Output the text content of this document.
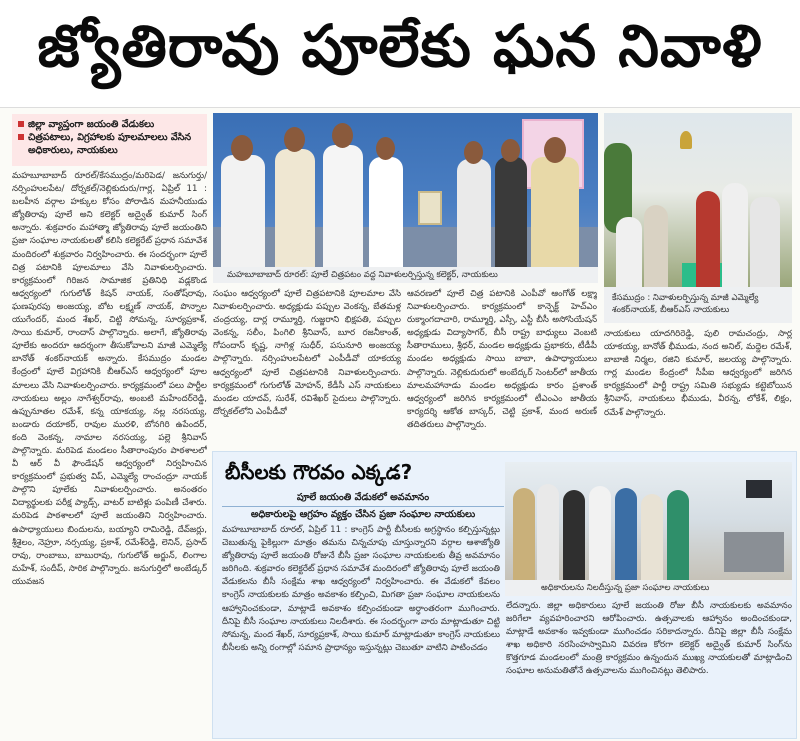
జ్యోతిరావు పూలేకు ఘన నివాళి
జిల్లా వ్యాప్తంగా జయంతి వేడుకలు
చిత్రపటాలు, విగ్రహాలకు పూలమాలలు వేసిన అధికారులు, నాయకులు
మహబూబాబాద్ రూరల్/కేసముద్రం/మరిపెడ/ జనుగుర్తు/నర్సింహులపేట/ దోర్నకల్/నెల్లికుదురు/గార్ల, ఏప్రిల్ 11 : బలహీన వర్గాల హక్కుల కోసం పోరాడిన మహనీయుడు జ్యోతిరావు పూలే అని కలెక్టర్ అద్వైత్ కుమార్ సింగ్ అన్నారు. శుక్రవారం మహాత్మా జ్యోతిరావు పూలే జయంతిని ప్రజా సంఘాల నాయకులతో కలిసి కలెక్టరేట్ ప్రధాన సమావేశ మందిరంలో శుక్రవారం నిర్వహించారు. ఈ సందర్భంగా పూలే చిత్ర పటానికి పూలమాలు వేసి నివాళులర్పించారు. కార్యక్రమంలో గిరిజన సామాజిక ప్రతినిధి వడ్లకొండ ఆధ్వర్యంలో గుగులోత్ కిషన్ నాయక్, సంతోష్‌రావు, ఘణపురపు అంజయ్య, బోట లక్ష్మణ్ నాయక్, పొన్నాల యుగేందర్, మంద శేఖర్, చిట్టి సోమన్న, సూర్యప్రకాశ్, సాయి కుమార్, రాందాస్ పాల్గొన్నారు. అలాగే, జ్యోతిరావు పూలేకు అందరూ ఆదర్శంగా తీసుకోవాలని మాజీ ఎమ్మెల్యే బానోత్ శంకర్‌నాయక్ అన్నారు. కేసముద్రం మండల కేంద్రంలో పూలే విగ్రహానికి బీఆర్ఎస్ ఆధ్వర్యంలో పూల మాలలు వేసి నివాళులర్పించారు. కార్యక్రమంలో పలు పార్టీల నాయకులు అల్లం నాగేశ్వర్‌రావు, అంబటి మహేందర్‌రెడ్డి, ఉప్పునూతల రమేశ్, కన్న యాకయ్య, నల్ల నరసయ్య, బండారు దయాకర్, రావుల మురళి, బోనగిరి ఉపేందర్, కంది వెంకన్న, నామాల నరసయ్య, పల్లె శ్రీనివాస్ పాల్గొన్నారు. మరిపెడ మండలం సీతారాంపురం పాఠశాలలో వీ ఆర్ వీ ఫౌండేషన్ ఆధ్వర్యంలో నిర్వహించిన కార్యక్రమంలో ప్రభుత్వ విప్, ఎమ్మెల్యే రాంచంద్రూ నాయక్ పాల్గొని పూలేకు నివాళులర్పించారు. అనంతరం విద్యార్థులకు పరీక్ష ప్యాడ్స్, వాటర్ బాటిళ్లు పంపిణీ చేశారు. మరిపెడ పాఠశాలలో పూలే జయంతిని నిర్వహించారు. ఉపాధ్యాయులు బిందులను, బయ్యాని రామిరెడ్డి, దేవ్‌జర్లు, శ్రీశైలం, నెహ్రూ, నర్సయ్య, ప్రకాశ్, రమేశ్‌రెడ్డి, లెనిన్, ప్రసాద్ రావు, రాంబాబు, బాబురావు, గుగులోత్ అర్జున్, లింగాల మహేశ్, సందీప్, సారిక పాల్గొన్నారు. జనుగుర్తిలో అంబేడ్కర్ యువజన
మహబూబాబాద్ రూరల్: పూలే చిత్రపటం వద్ద నివాళులర్పిస్తున్న కలెక్టర్, నాయకులు
కేసముద్రం : నివాళులర్పిస్తున్న మాజీ ఎమ్మెల్యే శంకర్‌నాయక్, బీఆర్ఎస్ నాయకులు
సంఘం ఆధ్వర్యంలో పూలే చిత్రపటానికి పూలమాల వేసి నివాళులర్పించారు. అధ్యక్షుడు పప్పుల వెంకన్న, బేతమళ్ల చంద్రయ్య, దార్ల రామ్మూర్తి, గుజ్జరాని భిక్షపతి, పప్పుల వెంకన్న, సలీం, పింగిలి శ్రీనివాస్, బూర రజనీకాంత్, గోపందాస్ కృష్ణ, నాగిళ్ల సుధీర్, పసునూరి అంజయ్య పాల్గొన్నారు. నర్సింహులపేటలో ఎంపీడీవో యాకయ్య ఆధ్వర్యంలో పూలే చిత్రపటానికి నివాళులర్పించారు. కార్యక్రమంలో గుగులోత్ మోహన్, కేడీసీ ఎస్ నాయకులు మండల యాదవ్, సురేశ్, రవిశేఖర్ సైదులు పాల్గొన్నారు. దోర్నకల్‌లోని ఎంపీడీవో
ఆవరణలో పూలే చిత్ర పటానికి ఎంపీవో ఆంగోత్ లక్ష్మా నివాళులర్పించారు. కార్యక్రమంలో కాన్ఫెక్ట్ హెచ్ఎం రుక్మాంగదాచారి, రామ్మూర్తి, ఎస్సీ, ఎస్టీ బీసీ అసోసియేషన్ అధ్యక్షుడు విద్యాసాగర్, బీసీ రాష్ట్ర బాధ్యులు వెంబటి సీతారాములు, శ్రీధర్, మండల అధ్యక్షుడు ప్రభాకరు, టీడీపీ మండల అధ్యక్షుడు సాయి బాబా, ఉపాధ్యాయులు పాల్గొన్నారు. నెల్లికుదురులో అంబేద్కర్ సెంటర్‌లో జాతీయ మాలమహానాడు మండల అధ్యక్షుడు కారం ప్రశాంత్ ఆధ్వర్యంలో జరిగిన కార్యక్రమంలో టీఎంఎం జాతీయ కార్యదర్శి ఆకోత బాస్కర్, చెట్టి ప్రకాశ్, మంద అరుణ్ తదితరులు పాల్గొన్నారు.
నాయకులు యాదగిరిరెడ్డి, పులి రామచంద్రు, సార్ల యాకయ్య, బానోత్ భీముడు, నంద అనిల్, మద్దెల రమేశ్, బాబాజీ నిర్మల, రజిని కుమార్, జలయ్య పాల్గొన్నారు. గార్ల మండల కేంద్రంలో సీపీఐ ఆధ్వర్యంలో జరిగిన కార్యక్రమంలో పార్టీ రాష్ట్ర సమితి సభ్యుడు కట్టెబోయిన శ్రీనివాస్, నాయకులు భీముడు, వీరన్న, లోకేశ్, లిక్షం, రమేశ్ పాల్గొన్నారు.
బీసీలకు గౌరవం ఎక్కడ?
పూలే జయంతి వేడుకలో అవమానం
అధికారులపై ఆగ్రహం వ్యక్తం చేసిన ప్రజా సంఘాల నాయకులు
అధికారులను నిలదీస్తున్న ప్రజా సంఘాల నాయకులు
మహబూబాబాద్ రూరల్, ఏప్రిల్ 11 : కాంగ్రెస్ పార్టీ బీసీలకు అగ్రస్థానం కల్పిస్తున్నట్లు చెబుతున్న పైకిల్లుగా మాత్రం తమను చిన్నచూపు చూస్తున్నారని వర్గాల ఆశాజ్యోతి జ్యోతిరావు పూలే జయంతి రోజునే బీసీ ప్రజా సంఘాల నాయకులకు తీవ్ర అవమానం జరిగింది. శుక్రవారం కలెక్టరేట్ ప్రధాన సమావేశ మందిరంలో జ్యోతిరావు పూలే జయంతి వేడుకలను బీసీ సంక్షేమ శాఖ ఆధ్వర్యంలో నిర్వహించారు. ఈ వేడుకలో కేవలం కాంగ్రెస్ నాయకులకు మాత్రం అవకాశం కల్పించి, మిగతా ప్రజా సంఘాల నాయకులను ఆహ్వానించకుండా, మాట్లాడే అవకాశం కల్పించకుండా అర్ధాంతరంగా ముగించారు. దీనిపై బీసీ సంఘాల నాయకులు నిలదీశారు. ఈ సందర్భంగా వారు మాట్లాడుతూ చిట్టి సోమన్న, మంద శేఖర్, సూర్యప్రకాశ్, సాయి కుమార్ మాట్లాడుతూ కాంగ్రెస్ నాయకులు బీసీలకు అన్ని రంగాల్లో సమాన ప్రాధాన్యం ఇస్తున్నట్లు చెబుతూ వాటిని పాటించడం
లేదన్నారు. జిల్లా అధికారులు పూలే జయంతి రోజు బీసీ నాయకులకు అవమానం జరిగేలా వ్యవహరించారని ఆరోపించారు. ఉత్సవాలకు ఆహ్వానం అందించకుండా, మాట్లాడే అవకాశం ఇవ్వకుండా ముగించడం సరికాదన్నారు. దీనిపై జిల్లా బీసీ సంక్షేమ శాఖ అధికారి నరసింహస్వామిని వివరణ కోరగా కలెక్టర్ అద్వైత్ కుమార్ సింగ్‌ను కొత్తగూడ మండలంలో మంత్రి కార్యక్రమం ఉన్నందున ముఖ్య నాయకులతో మాట్లాడించి సంఘాల అనుమతితోనే ఉత్సవాలను ముగించినట్లు తెలిపారు.
